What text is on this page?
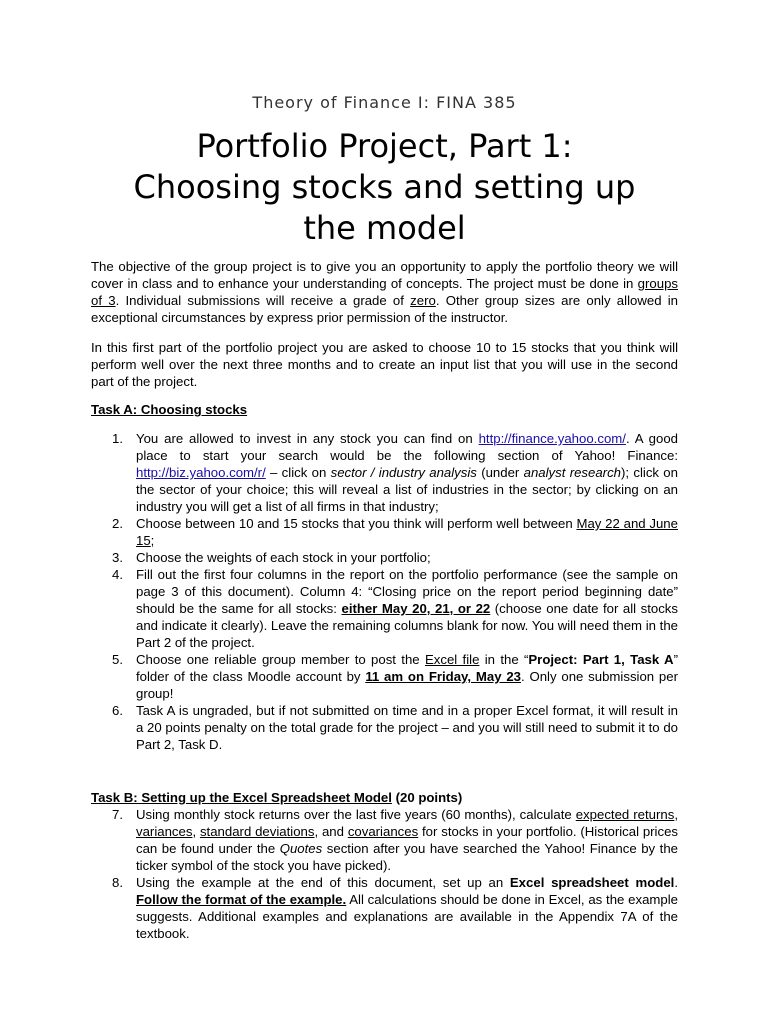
Theory of Finance I: FINA 385
Portfolio Project, Part 1:
Choosing stocks and setting up
the model

The objective of the group project is to give you an opportunity to apply the portfolio theory we will cover in class and to enhance your understanding of concepts. The project must be done in groups of 3. Individual submissions will receive a grade of zero. Other group sizes are only allowed in exceptional circumstances by express prior permission of the instructor.

In this first part of the portfolio project you are asked to choose 10 to 15 stocks that you think will perform well over the next three months and to create an input list that you will use in the second part of the project.

Task A: Choosing stocks
1. You are allowed to invest in any stock you can find on http://finance.yahoo.com/. A good place to start your search would be the following section of Yahoo! Finance: http://biz.yahoo.com/r/ – click on sector / industry analysis (under analyst research); click on the sector of your choice; this will reveal a list of industries in the sector; by clicking on an industry you will get a list of all firms in that industry;
2. Choose between 10 and 15 stocks that you think will perform well between May 22 and June 15;
3. Choose the weights of each stock in your portfolio;
4. Fill out the first four columns in the report on the portfolio performance (see the sample on page 3 of this document). Column 4: “Closing price on the report period beginning date” should be the same for all stocks: either May 20, 21, or 22 (choose one date for all stocks and indicate it clearly). Leave the remaining columns blank for now. You will need them in the Part 2 of the project.
5. Choose one reliable group member to post the Excel file in the “Project: Part 1, Task A” folder of the class Moodle account by 11 am on Friday, May 23. Only one submission per group!
6. Task A is ungraded, but if not submitted on time and in a proper Excel format, it will result in a 20 points penalty on the total grade for the project – and you will still need to submit it to do Part 2, Task D.
Task B: Setting up the Excel Spreadsheet Model (20 points)
7. Using monthly stock returns over the last five years (60 months), calculate expected returns, variances, standard deviations, and covariances for stocks in your portfolio. (Historical prices can be found under the Quotes section after you have searched the Yahoo! Finance by the ticker symbol of the stock you have picked).
8. Using the example at the end of this document, set up an Excel spreadsheet model. Follow the format of the example. All calculations should be done in Excel, as the example suggests. Additional examples and explanations are available in the Appendix 7A of the textbook.
